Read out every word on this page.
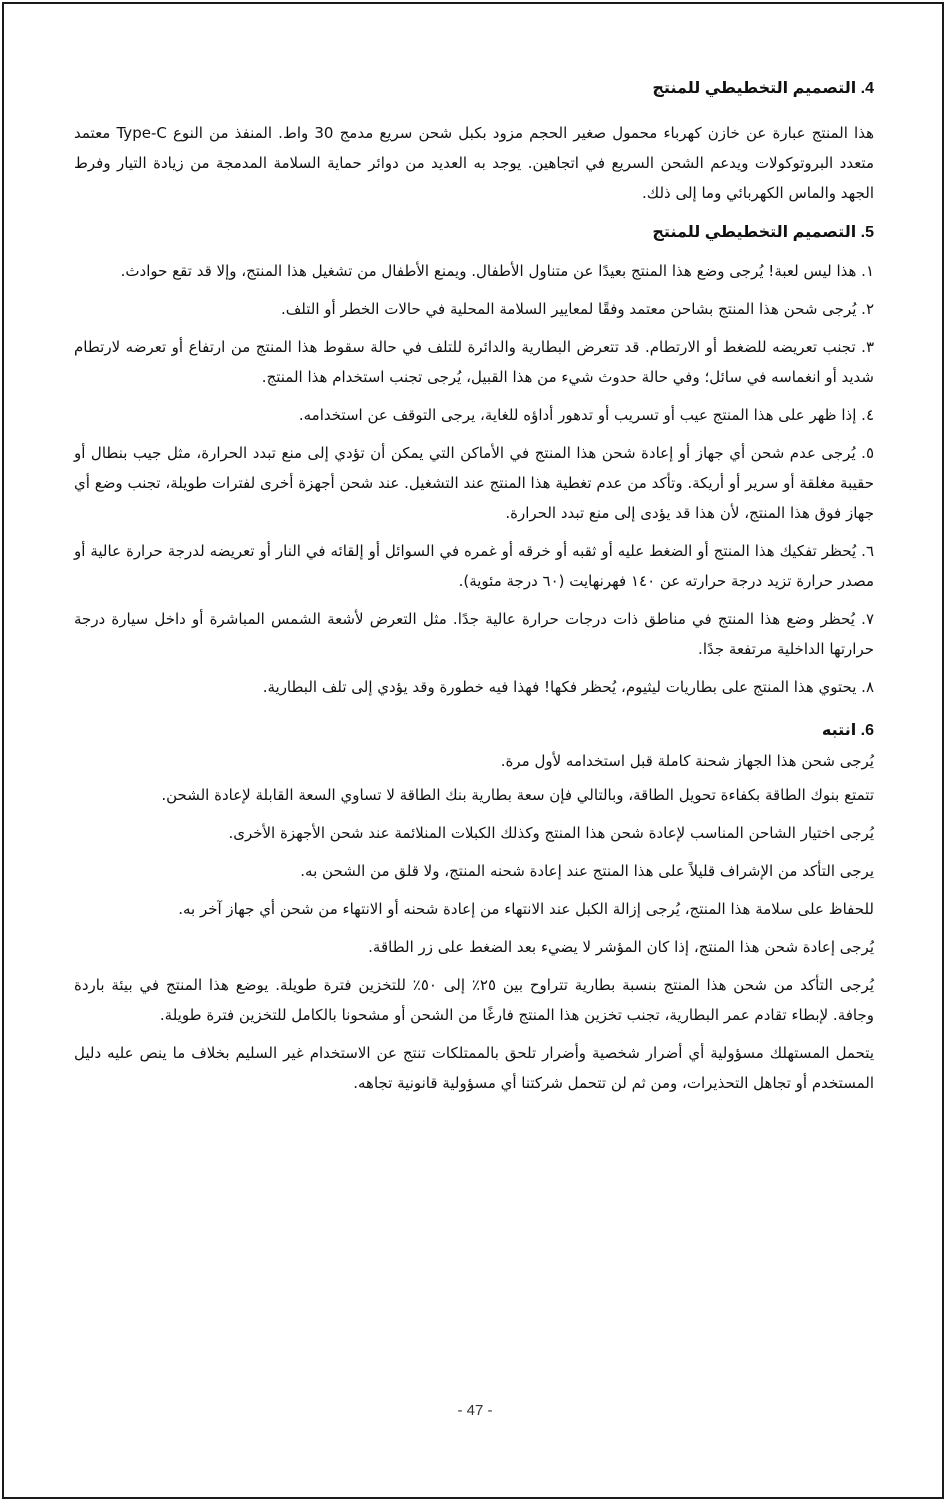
4. التصميم التخطيطي للمنتج

هذا المنتج عبارة عن خازن كهرباء محمول صغير الحجم مزود بكبل شحن سريع مدمج 30 واط. المنفذ من النوع Type-C معتمد متعدد البروتوكولات ويدعم الشحن السريع في اتجاهين. يوجد به العديد من دوائر حماية السلامة المدمجة من زيادة التيار وفرط الجهد والماس الكهربائي وما إلى ذلك.

5. التصميم التخطيطي للمنتج

١. هذا ليس لعبة! يُرجى وضع هذا المنتج بعيدًا عن متناول الأطفال. ويمنع الأطفال من تشغيل هذا المنتج، وإلا قد تقع حوادث.

٢. يُرجى شحن هذا المنتج بشاحن معتمد وفقًا لمعايير السلامة المحلية في حالات الخطر أو التلف.

٣. تجنب تعريضه للضغط أو الارتطام. قد تتعرض البطارية والدائرة للتلف في حالة سقوط هذا المنتج من ارتفاع أو تعرضه لارتطام شديد أو انغماسه في سائل؛ وفي حالة حدوث شيء من هذا القبيل، يُرجى تجنب استخدام هذا المنتج.

٤. إذا ظهر على هذا المنتج عيب أو تسريب أو تدهور أداؤه للغاية، يرجى التوقف عن استخدامه.

٥. يُرجى عدم شحن أي جهاز أو إعادة شحن هذا المنتج في الأماكن التي يمكن أن تؤدي إلى منع تبدد الحرارة، مثل جيب بنطال أو حقيبة مغلقة أو سرير أو أريكة. وتأكد من عدم تغطية هذا المنتج عند التشغيل. عند شحن أجهزة أخرى لفترات طويلة، تجنب وضع أي جهاز فوق هذا المنتج، لأن هذا قد يؤدى إلى منع تبدد الحرارة.

٦. يُحظر تفكيك هذا المنتج أو الضغط عليه أو ثقبه أو خرقه أو غمره في السوائل أو إلقائه في النار أو تعريضه لدرجة حرارة عالية أو مصدر حرارة تزيد درجة حرارته عن ١٤٠ فهرنهايت (٦٠ درجة مئوية).

٧. يُحظر وضع هذا المنتج في مناطق ذات درجات حرارة عالية جدًا. مثل التعرض لأشعة الشمس المباشرة أو داخل سيارة درجة حرارتها الداخلية مرتفعة جدًا.

٨. يحتوي هذا المنتج على بطاريات ليثيوم، يُحظر فكها! فهذا فيه خطورة وقد يؤدي إلى تلف البطارية.

6. انتبه

يُرجى شحن هذا الجهاز شحنة كاملة قبل استخدامه لأول مرة.

تتمتع بنوك الطاقة بكفاءة تحويل الطاقة، وبالتالي فإن سعة بطارية بنك الطاقة لا تساوي السعة القابلة لإعادة الشحن.

يُرجى اختيار الشاحن المناسب لإعادة شحن هذا المنتج وكذلك الكبلات المنلائمة عند شحن الأجهزة الأخرى.

يرجى التأكد من الإشراف قليلاً على هذا المنتج عند إعادة شحنه المنتج، ولا قلق من الشحن به.

للحفاظ على سلامة هذا المنتج، يُرجى إزالة الكبل عند الانتهاء من إعادة شحنه أو الانتهاء من شحن أي جهاز آخر به.

يُرجى إعادة شحن هذا المنتج، إذا كان المؤشر لا يضيء بعد الضغط على زر الطاقة.

يُرجى التأكد من شحن هذا المنتج بنسبة بطارية تتراوح بين ٢٥٪ إلى ٥٠٪ للتخزين فترة طويلة. يوضع هذا المنتج في بيئة باردة وجافة. لإبطاء تقادم عمر البطارية، تجنب تخزين هذا المنتج فارغًا من الشحن أو مشحونا بالكامل للتخزين فترة طويلة.

يتحمل المستهلك مسؤولية أي أضرار شخصية وأضرار تلحق بالممتلكات تنتج عن الاستخدام غير السليم بخلاف ما ينص عليه دليل المستخدم أو تجاهل التحذيرات، ومن ثم لن تتحمل شركتنا أي مسؤولية قانونية تجاهه.

- 47 -
